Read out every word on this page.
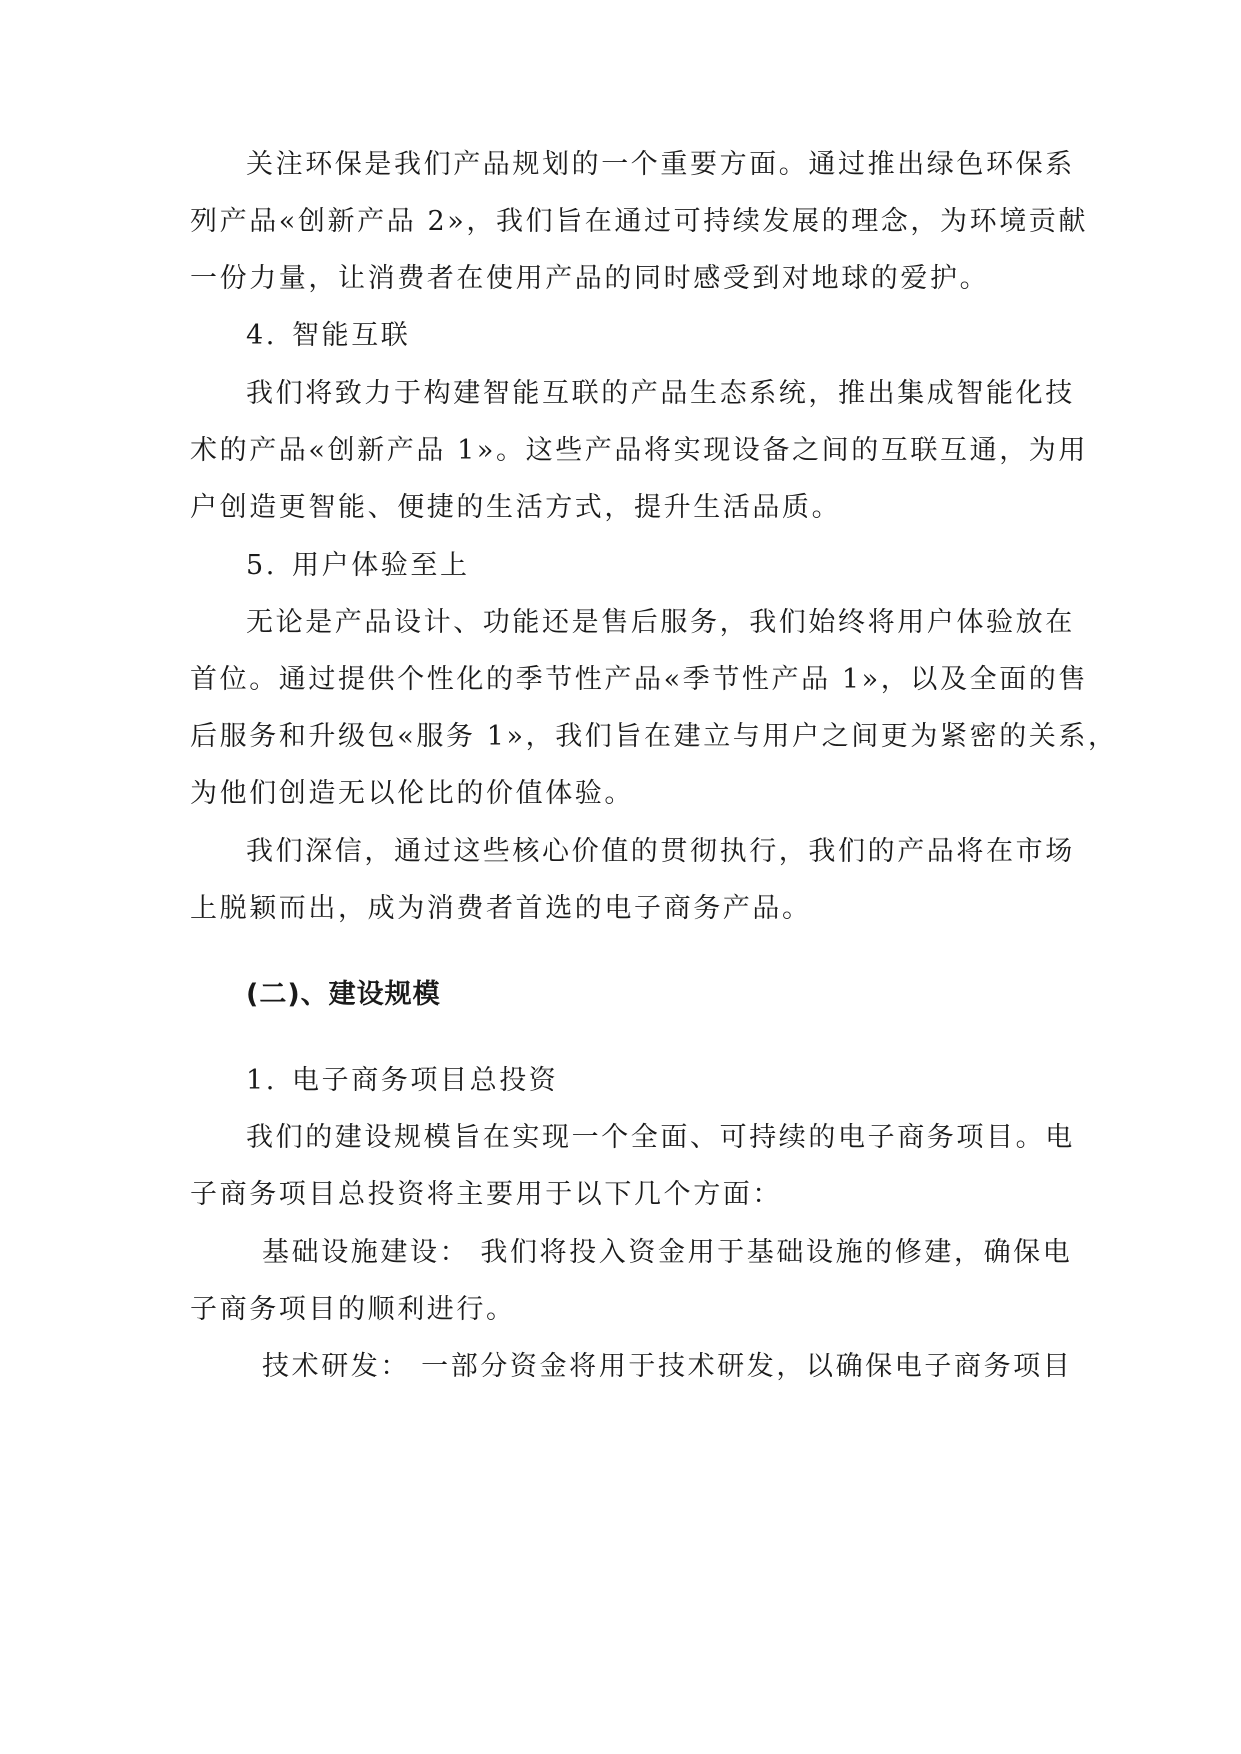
关注环保是我们产品规划的一个重要方面。通过推出绿色环保系
列产品«创新产品 2»，我们旨在通过可持续发展的理念，为环境贡献
一份力量，让消费者在使用产品的同时感受到对地球的爱护。
4. 智能互联
我们将致力于构建智能互联的产品生态系统，推出集成智能化技
术的产品«创新产品 1»。这些产品将实现设备之间的互联互通，为用
户创造更智能、便捷的生活方式，提升生活品质。
5. 用户体验至上
无论是产品设计、功能还是售后服务，我们始终将用户体验放在
首位。通过提供个性化的季节性产品«季节性产品 1»，以及全面的售
后服务和升级包«服务 1»，我们旨在建立与用户之间更为紧密的关系，
为他们创造无以伦比的价值体验。
我们深信，通过这些核心价值的贯彻执行，我们的产品将在市场
上脱颖而出，成为消费者首选的电子商务产品。
(二)、建设规模
1. 电子商务项目总投资
我们的建设规模旨在实现一个全面、可持续的电子商务项目。电
子商务项目总投资将主要用于以下几个方面：
基础设施建设： 我们将投入资金用于基础设施的修建，确保电
子商务项目的顺利进行。
技术研发： 一部分资金将用于技术研发，以确保电子商务项目
